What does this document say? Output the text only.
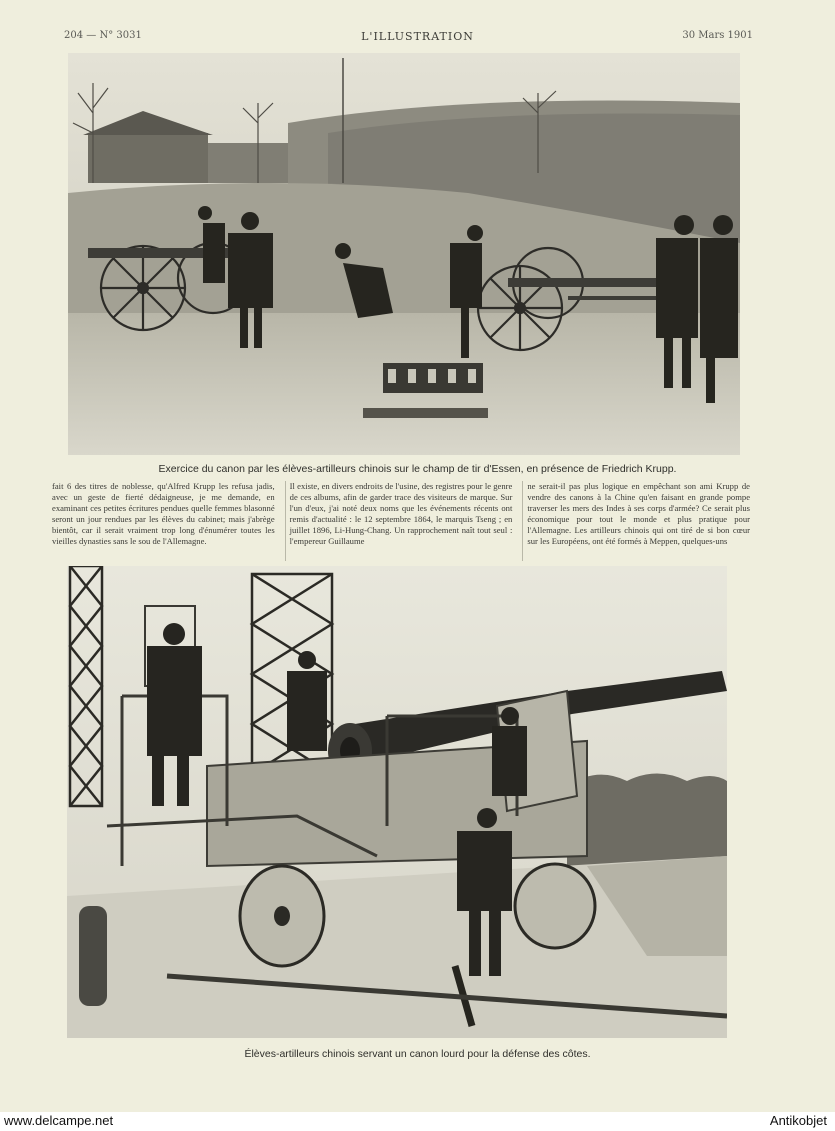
204 — N° 3031	L'ILLUSTRATION	30 Mars 1901
Exercice du canon par les élèves-artilleurs chinois sur le champ de tir d'Essen, en présence de Friedrich Krupp.
fait 6 des titres de noblesse, qu'Alfred Krupp les refusa jadis, avec un geste de fierté dédaigneuse, je me demande, en examinant ces petites écritures pendues quelle femmes blasonné seront un jour rendues par les élèves du cabinet; mais j'abrège bientôt, car il serait vraiment trop long d'énumérer toutes les vieilles dynasties sans le sou de l'Allemagne.
Il existe, en divers endroits de l'usine, des registres pour le genre de ces albums, afin de garder trace des visiteurs de marque. Sur l'un d'eux, j'ai noté deux noms que les événements récents ont remis d'actualité : le 12 septembre 1864, le marquis Tseng ; en juillet 1896, Li-Hung-Chang. Un rapprochement naît tout seul : l'empereur Guillaume
ne serait-il pas plus logique en empêchant son ami Krupp de vendre des canons à la Chine qu'en faisant en grande pompe traverser les mers des Indes à ses corps d'armée? Ce serait plus économique pour tout le monde et plus pratique pour l'Allemagne. Les artilleurs chinois qui ont tiré de si bon cœur sur les Européens, ont été formés à Meppen, quelques-uns
Élèves-artilleurs chinois servant un canon lourd pour la défense des côtes.
www.delcampe.net	Antikobjet
